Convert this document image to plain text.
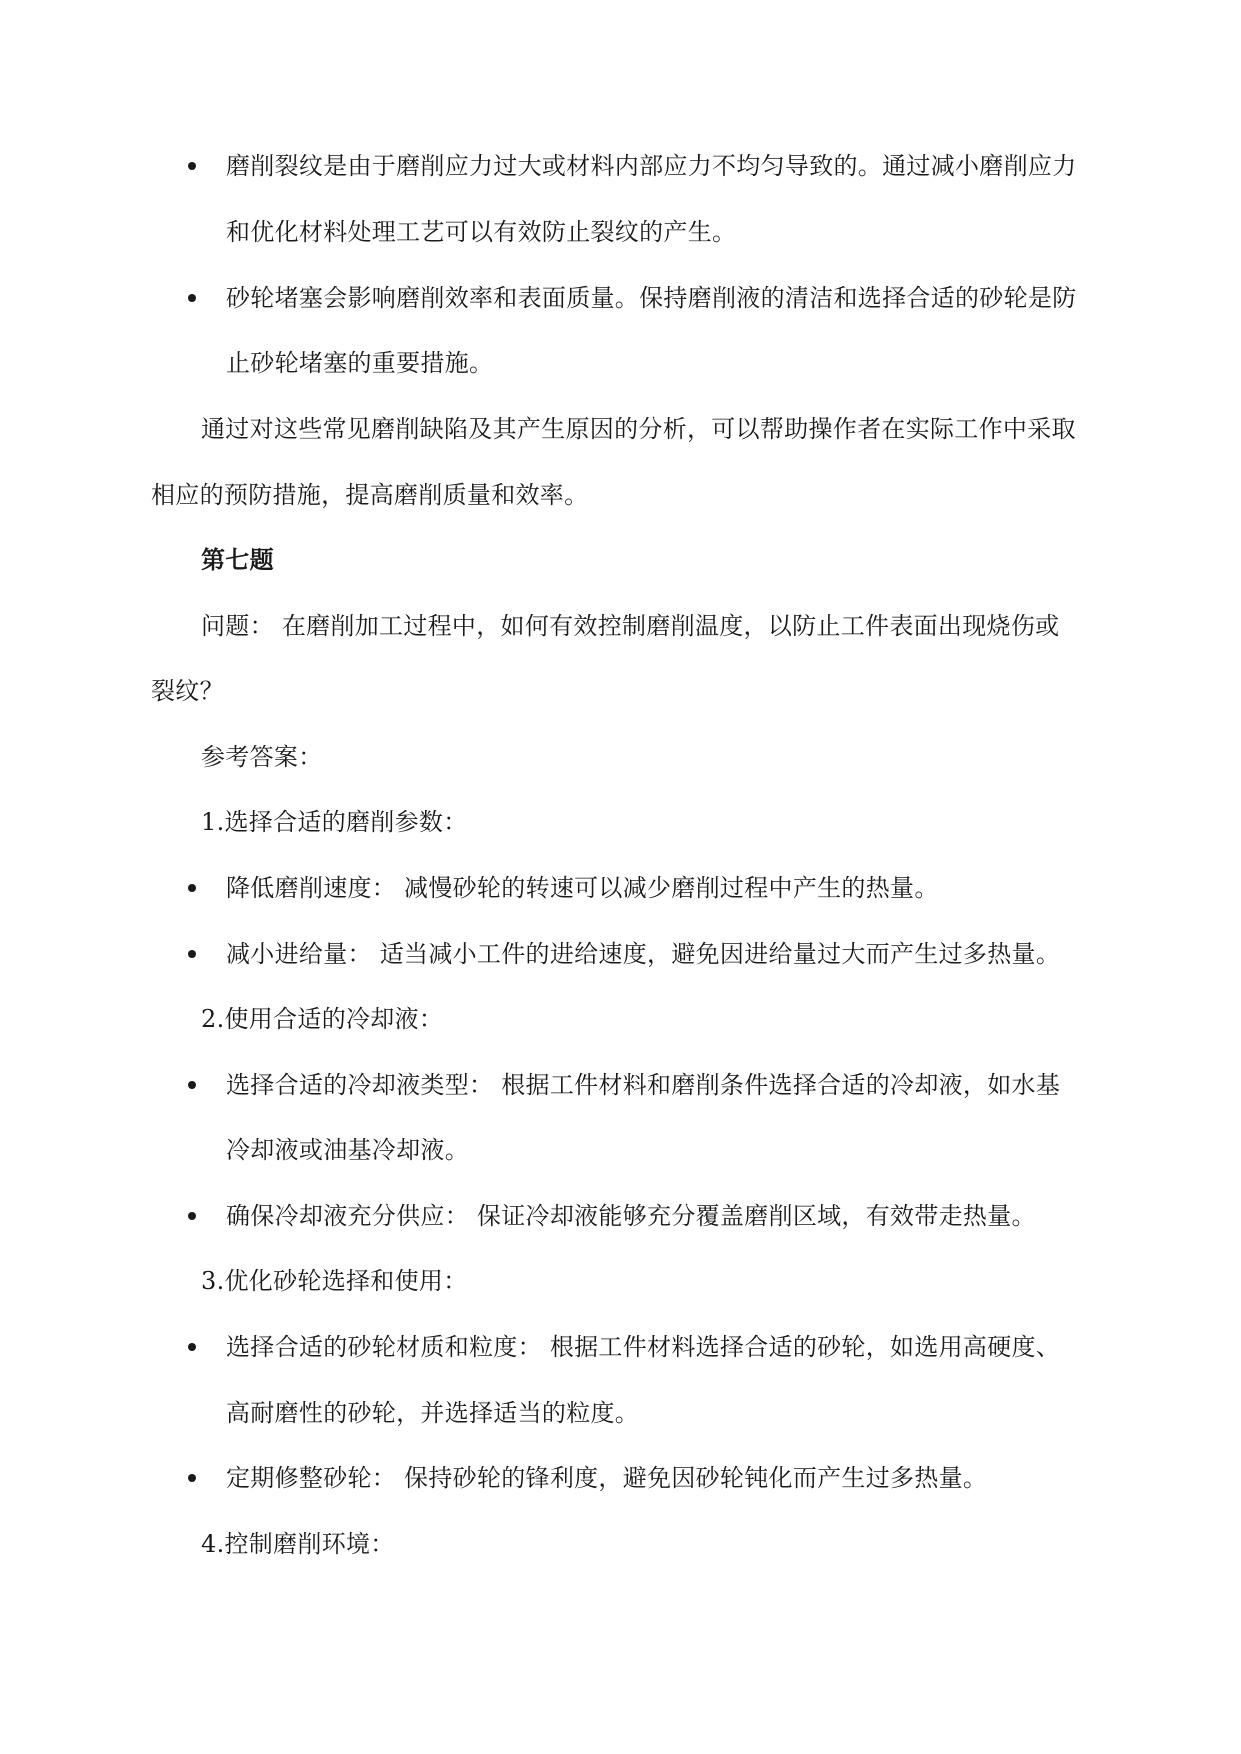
磨削裂纹是由于磨削应力过大或材料内部应力不均匀导致的。通过减小磨削应力
和优化材料处理工艺可以有效防止裂纹的产生。
砂轮堵塞会影响磨削效率和表面质量。保持磨削液的清洁和选择合适的砂轮是防
止砂轮堵塞的重要措施。
通过对这些常见磨削缺陷及其产生原因的分析，可以帮助操作者在实际工作中采取
相应的预防措施，提高磨削质量和效率。
第七题
问题： 在磨削加工过程中，如何有效控制磨削温度，以防止工件表面出现烧伤或
裂纹？
参考答案：
1.选择合适的磨削参数：
降低磨削速度： 减慢砂轮的转速可以减少磨削过程中产生的热量。
减小进给量： 适当减小工件的进给速度，避免因进给量过大而产生过多热量。
2.使用合适的冷却液：
选择合适的冷却液类型： 根据工件材料和磨削条件选择合适的冷却液，如水基
冷却液或油基冷却液。
确保冷却液充分供应： 保证冷却液能够充分覆盖磨削区域，有效带走热量。
3.优化砂轮选择和使用：
选择合适的砂轮材质和粒度： 根据工件材料选择合适的砂轮，如选用高硬度、
高耐磨性的砂轮，并选择适当的粒度。
定期修整砂轮： 保持砂轮的锋利度，避免因砂轮钝化而产生过多热量。
4.控制磨削环境：
